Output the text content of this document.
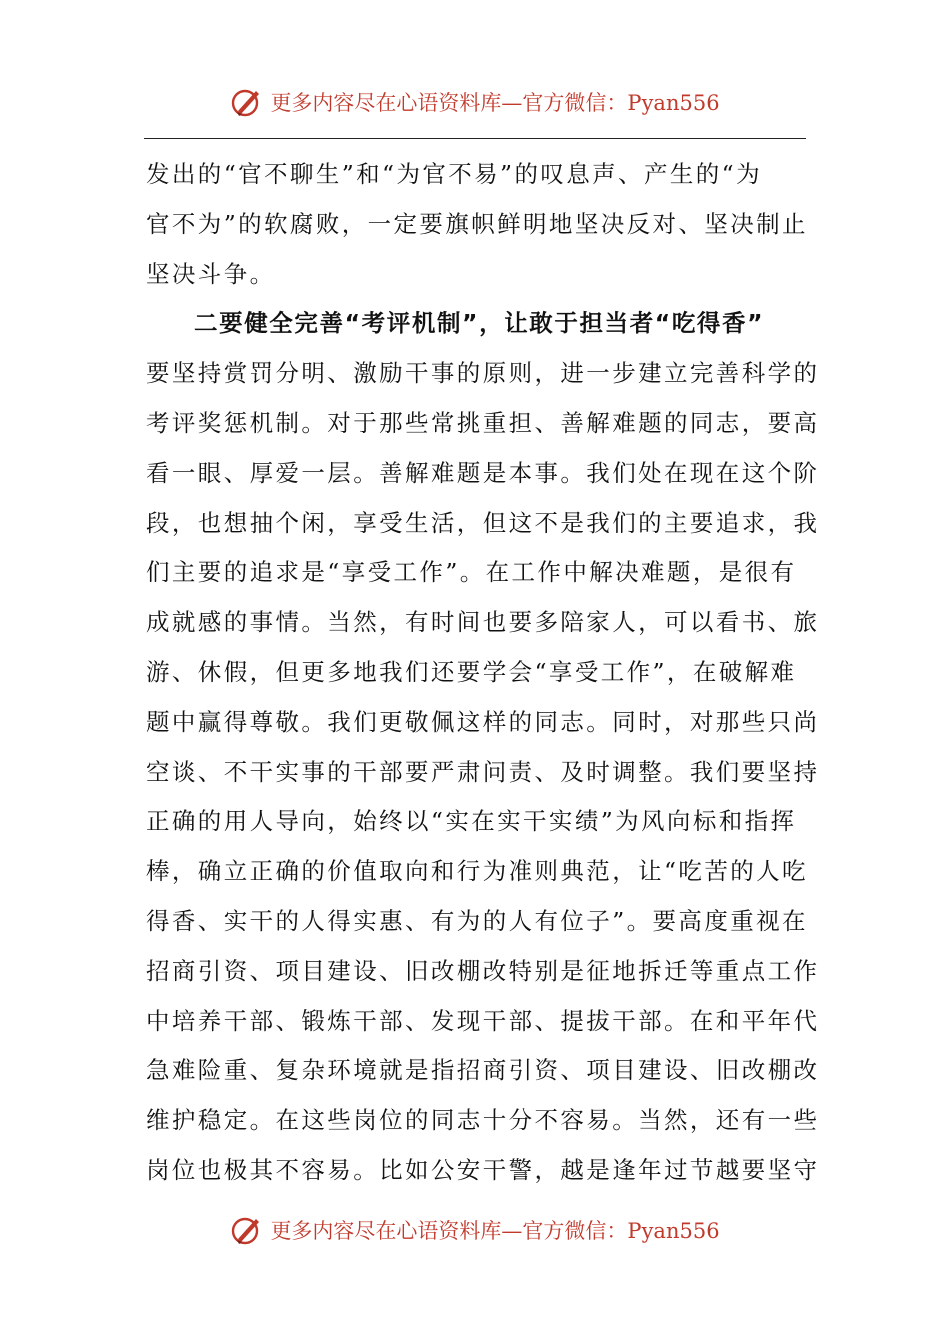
更多内容尽在心语资料库—官方微信：Pyan556
发出的“官不聊生”和“为官不易”的叹息声、产生的“为
官不为”的软腐败，一定要旗帜鲜明地坚决反对、坚决制止
坚决斗争。
二要健全完善“考评机制”，让敢于担当者“吃得香”
要坚持赏罚分明、激励干事的原则，进一步建立完善科学的
考评奖惩机制。对于那些常挑重担、善解难题的同志，要高
看一眼、厚爱一层。善解难题是本事。我们处在现在这个阶
段，也想抽个闲，享受生活，但这不是我们的主要追求，我
们主要的追求是“享受工作”。在工作中解决难题，是很有
成就感的事情。当然，有时间也要多陪家人，可以看书、旅
游、休假，但更多地我们还要学会“享受工作”，在破解难
题中赢得尊敬。我们更敬佩这样的同志。同时，对那些只尚
空谈、不干实事的干部要严肃问责、及时调整。我们要坚持
正确的用人导向，始终以“实在实干实绩”为风向标和指挥
棒，确立正确的价值取向和行为准则典范，让“吃苦的人吃
得香、实干的人得实惠、有为的人有位子”。要高度重视在
招商引资、项目建设、旧改棚改特别是征地拆迁等重点工作
中培养干部、锻炼干部、发现干部、提拔干部。在和平年代
急难险重、复杂环境就是指招商引资、项目建设、旧改棚改
维护稳定。在这些岗位的同志十分不容易。当然，还有一些
岗位也极其不容易。比如公安干警，越是逢年过节越要坚守
更多内容尽在心语资料库—官方微信：Pyan556
